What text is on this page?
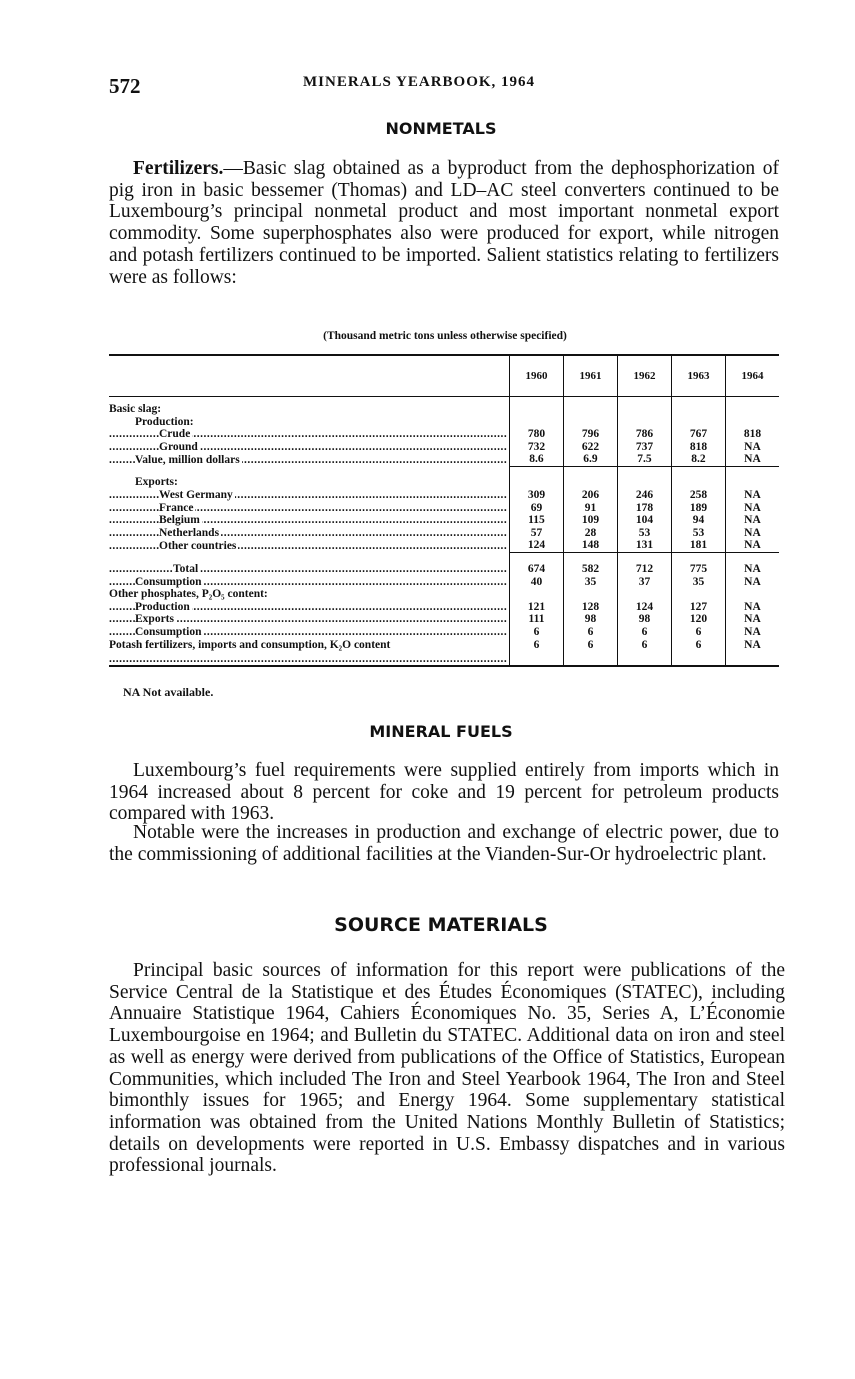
572	MINERALS YEARBOOK, 1964
NONMETALS

Fertilizers.—Basic slag obtained as a byproduct from the dephosphorization of pig iron in basic bessemer (Thomas) and LD–AC steel converters continued to be Luxembourg’s principal nonmetal product and most important nonmetal export commodity. Some superphosphates also were produced for export, while nitrogen and potash fertilizers continued to be imported. Salient statistics relating to fertilizers were as follows:

(Thousand metric tons unless otherwise specified)
	1960	1961	1962	1963	1964
Basic slag:					
Production:					
Crude .....	780	796	786	767	818
Ground .....	732	622	737	818	NA
Value, million dollars .....	8.6	6.9	7.5	8.2	NA
Exports:					
West Germany .....	309	206	246	258	NA
France .....	69	91	178	189	NA
Belgium .....	115	109	104	94	NA
Netherlands .....	57	28	53	53	NA
Other countries .....	124	148	131	181	NA
Total .....	674	582	712	775	NA
Consumption .....	40	35	37	35	NA
Other phosphates, P₂O₅ content:					
Production .....	121	128	124	127	NA
Exports .....	111	98	98	120	NA
Consumption .....	6	6	6	6	NA
Potash fertilizers, imports and consumption, K₂O content .....	6	6	6	6	NA
NA Not available.
MINERAL FUELS

Luxembourg’s fuel requirements were supplied entirely from imports which in 1964 increased about 8 percent for coke and 19 percent for petroleum products compared with 1963.

Notable were the increases in production and exchange of electric power, due to the commissioning of additional facilities at the Vianden-Sur-Or hydroelectric plant.

SOURCE MATERIALS

Principal basic sources of information for this report were publications of the Service Central de la Statistique et des Études Économiques (STATEC), including Annuaire Statistique 1964, Cahiers Économiques No. 35, Series A, L’Économie Luxembourgoise en 1964; and Bulletin du STATEC. Additional data on iron and steel as well as energy were derived from publications of the Office of Statistics, European Communities, which included The Iron and Steel Yearbook 1964, The Iron and Steel bimonthly issues for 1965; and Energy 1964. Some supplementary statistical information was obtained from the United Nations Monthly Bulletin of Statistics; details on developments were reported in U.S. Embassy dispatches and in various professional journals.
